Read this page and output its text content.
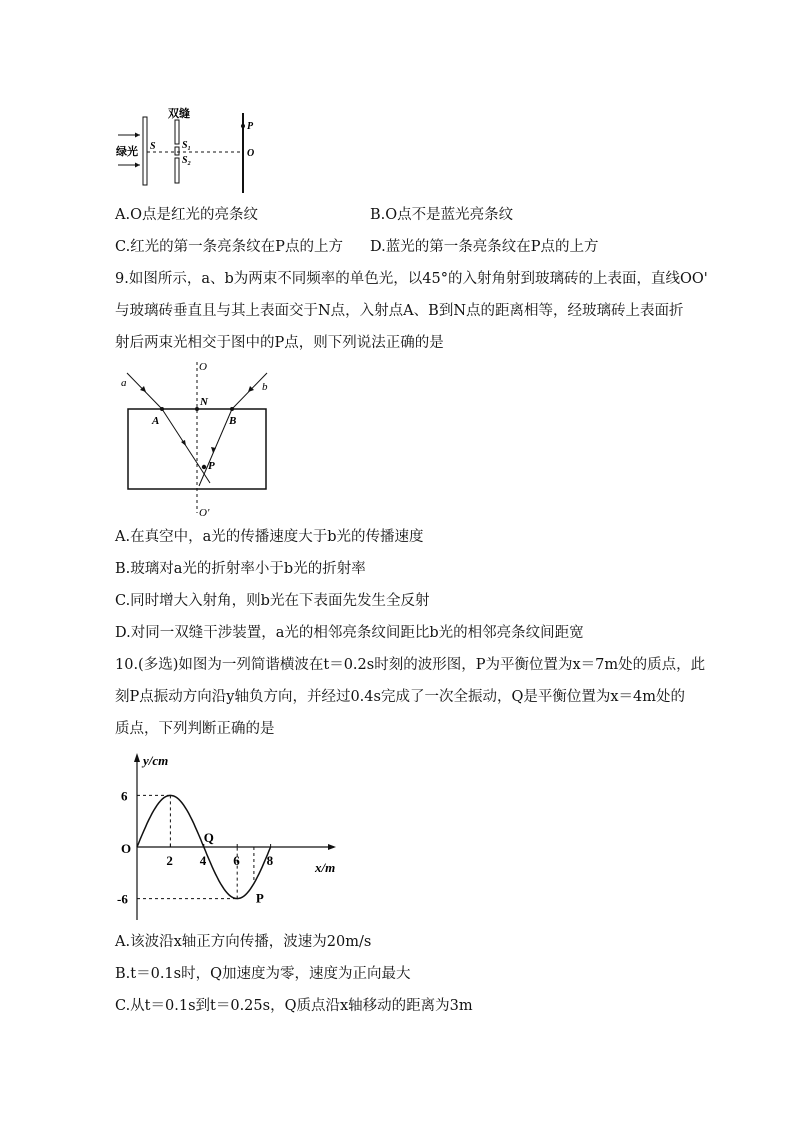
双缝
绿光 S	S₁
S₂
P
O
A.O点是红光的亮条纹	B.O点不是蓝光亮条纹
C.红光的第一条亮条纹在P点的上方 D.蓝光的第一条亮条纹在P点的上方
9.如图所示，a、b为两束不同频率的单色光，以45°的入射角射到玻璃砖的上表面，直线OO'
与玻璃砖垂直且与其上表面交于N点，入射点A、B到N点的距离相等，经玻璃砖上表面折
射后两束光相交于图中的P点，则下列说法正确的是
O
O'
a	b
N
A	B
P
A.在真空中，a光的传播速度大于b光的传播速度
B.玻璃对a光的折射率小于b光的折射率
C.同时增大入射角，则b光在下表面先发生全反射
D.对同一双缝干涉装置，a光的相邻亮条纹间距比b光的相邻亮条纹间距宽
10.(多选)如图为一列简谐横波在t＝0.2s时刻的波形图，P为平衡位置为x＝7m处的质点，此
刻P点振动方向沿y轴负方向，并经过0.4s完成了一次全振动，Q是平衡位置为x＝4m处的
质点，下列判断正确的是
y/cm
x/m
O
2 4 6 8
6
-6
Q
P
A.该波沿x轴正方向传播，波速为20m/s
B.t＝0.1s时，Q加速度为零，速度为正向最大
C.从t＝0.1s到t＝0.25s，Q质点沿x轴移动的距离为3m
